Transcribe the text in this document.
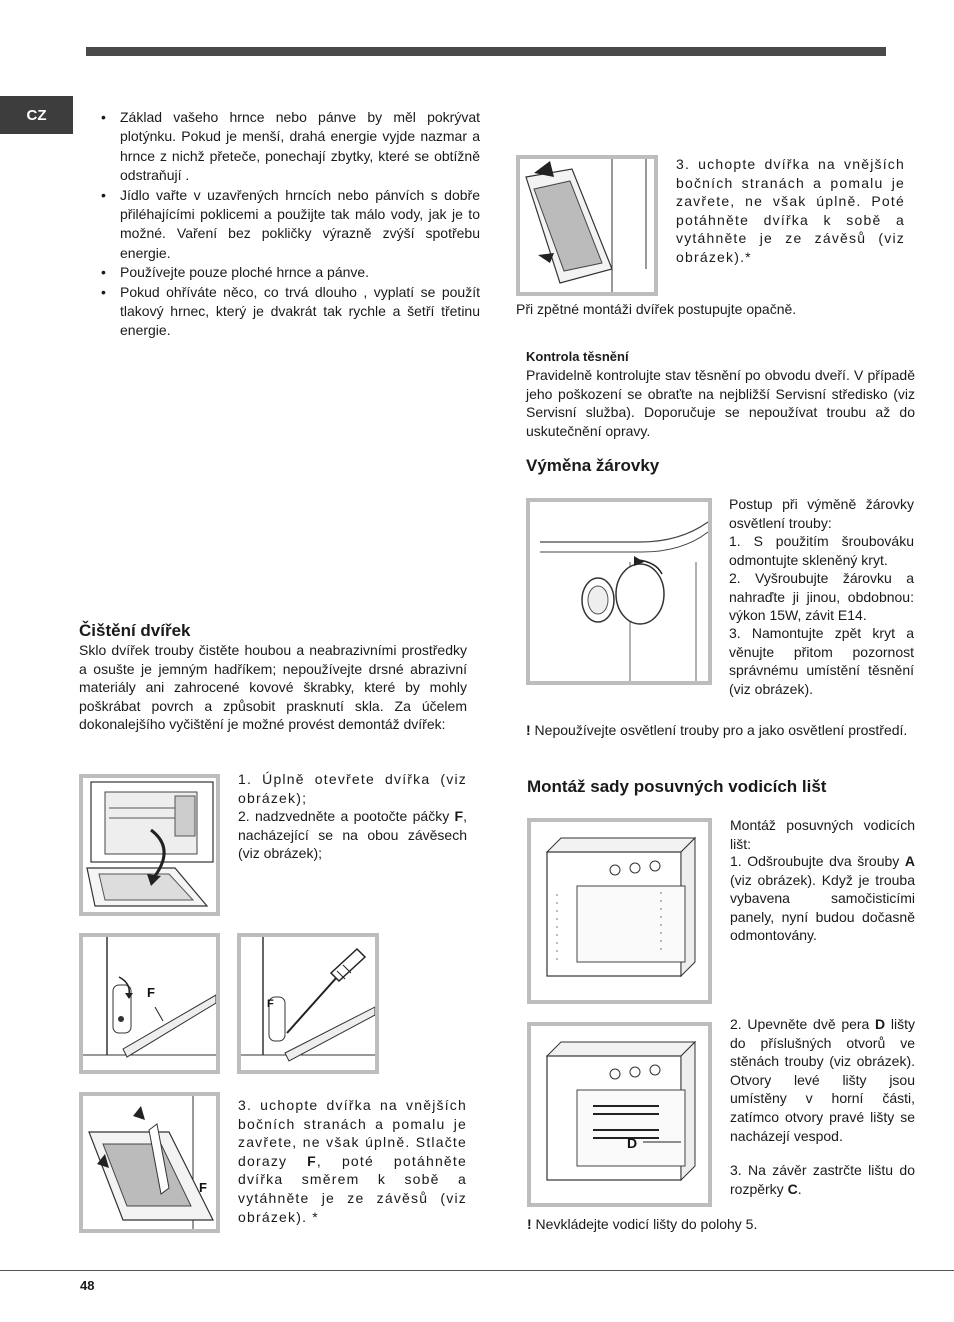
CZ
•	Základ vašeho hrnce nebo pánve by měl pokrývat plotýnku. Pokud je menší, drahá energie vyjde nazmar a hrnce z nichž přeteče, ponechají zbytky, které se obtížně odstraňují .
• Jídlo vařte v uzavřených hrncích nebo pánvích s dobře přiléhajícími poklicemi a použijte tak málo vody, jak je to možné. Vaření bez pokličky výrazně zvýší spotřebu energie.
• Používejte pouze ploché hrnce a pánve.
• Pokud ohříváte něco, co trvá dlouho , vyplatí se použít tlakový hrnec, který je dvakrát tak rychle a šetří třetinu energie.
Čištění dvířek
Sklo dvířek trouby čistěte houbou a neabrazivními prostředky a osušte je jemným hadříkem; nepoužívejte drsné abrazivní materiály ani zahrocené kovové škrabky, které by mohly poškrábat povrch a způsobit prasknutí skla. Za účelem dokonalejšího vyčištění je možné provést demontáž dvířek:
1. Úplně otevřete dvířka (viz obrázek);
2. nadzvedněte a pootočte páčky F, nacházející se na obou závěsech (viz obrázek);
F
F
F
3. uchopte dvířka na vnějších bočních stranách a pomalu je zavřete, ne však úplně. Stlačte dorazy F, poté potáhněte dvířka směrem k sobě a vytáhněte je ze závěsů (viz obrázek). *
3. uchopte dvířka na vnějších bočních stranách a pomalu je zavřete, ne však úplně. Poté potáhněte dvířka k sobě a vytáhněte je ze závěsů (viz obrázek).*
Při zpětné montáži dvířek postupujte opačně.
Kontrola těsnění
Pravidelně kontrolujte stav těsnění po obvodu dveří. V případě jeho poškození se obraťte na nejbližší Servisní středisko (viz Servisní služba). Doporučuje se nepoužívat troubu až do uskutečnění opravy.
Výměna žárovky
Postup při výměně žárovky osvětlení trouby:
1. S použitím šroubováku odmontujte skleněný kryt.
2. Vyšroubujte žárovku a nahraďte ji jinou, obdobnou: výkon 15W, závit E14.
3. Namontujte zpět kryt a věnujte přitom pozornost správnému umístění těsnění (viz obrázek).
! Nepoužívejte osvětlení trouby pro a jako osvětlení prostředí.
Montáž sady posuvných vodicích lišt
Montáž posuvných vodicích lišt:
1. Odšroubujte dva šrouby A (viz obrázek). Když je trouba vybavena samočisticími panely, nyní budou dočasně odmontovány.
D
2. Upevněte dvě pera D lišty do příslušných otvorů ve stěnách trouby (viz obrázek). Otvory levé lišty jsou umístěny v horní části, zatímco otvory pravé lišty se nacházejí vespod.
3. Na závěr zastrčte lištu do rozpěrky C.
! Nevkládejte vodicí lišty do polohy 5.
48
